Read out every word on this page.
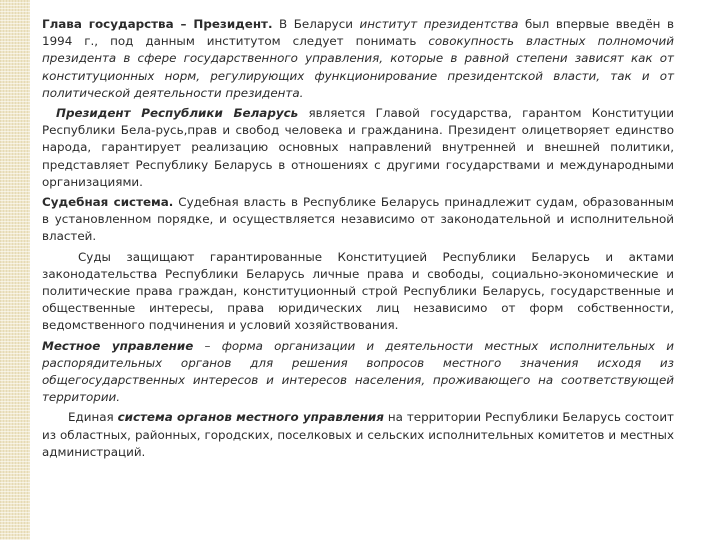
Глава государства – Президент. В Беларуси институт президентства был впервые введён в 1994 г., под данным институтом следует понимать совокупность властных полномочий президента в сфере государственного управления, которые в равной степени зависят как от конституционных норм, регулирующих функционирование президентской власти, так и от политической деятельности президента.

Президент Республики Беларусь является Главой государства, гарантом Конституции Республики Бела-русь,прав и свобод человека и гражданина. Президент олицетворяет единство народа, гарантирует реализацию основных направлений внутренней и внешней политики, представляет Республику Беларусь в отношениях с другими государствами и международными организациями.

Судебная система. Судебная власть в Республике Беларусь принадлежит судам, образованным в установленном порядке, и осуществляется независимо от законодательной и исполнительной властей.

Суды защищают гарантированные Конституцией Республики Беларусь и актами законодательства Республики Беларусь личные права и свободы, социально-экономические и политические права граждан, конституционный строй Республики Беларусь, государственные и общественные интересы, права юридических лиц независимо от форм собственности, ведомственного подчинения и условий хозяйствования.

Местное управление – форма организации и деятельности местных исполнительных и распорядительных органов для решения вопросов местного значения исходя из общегосударственных интересов и интересов населения, проживающего на соответствующей территории.

Единая система органов местного управления на территории Республики Беларусь состоит из областных, районных, городских, поселковых и сельских исполнительных комитетов и местных администраций.
